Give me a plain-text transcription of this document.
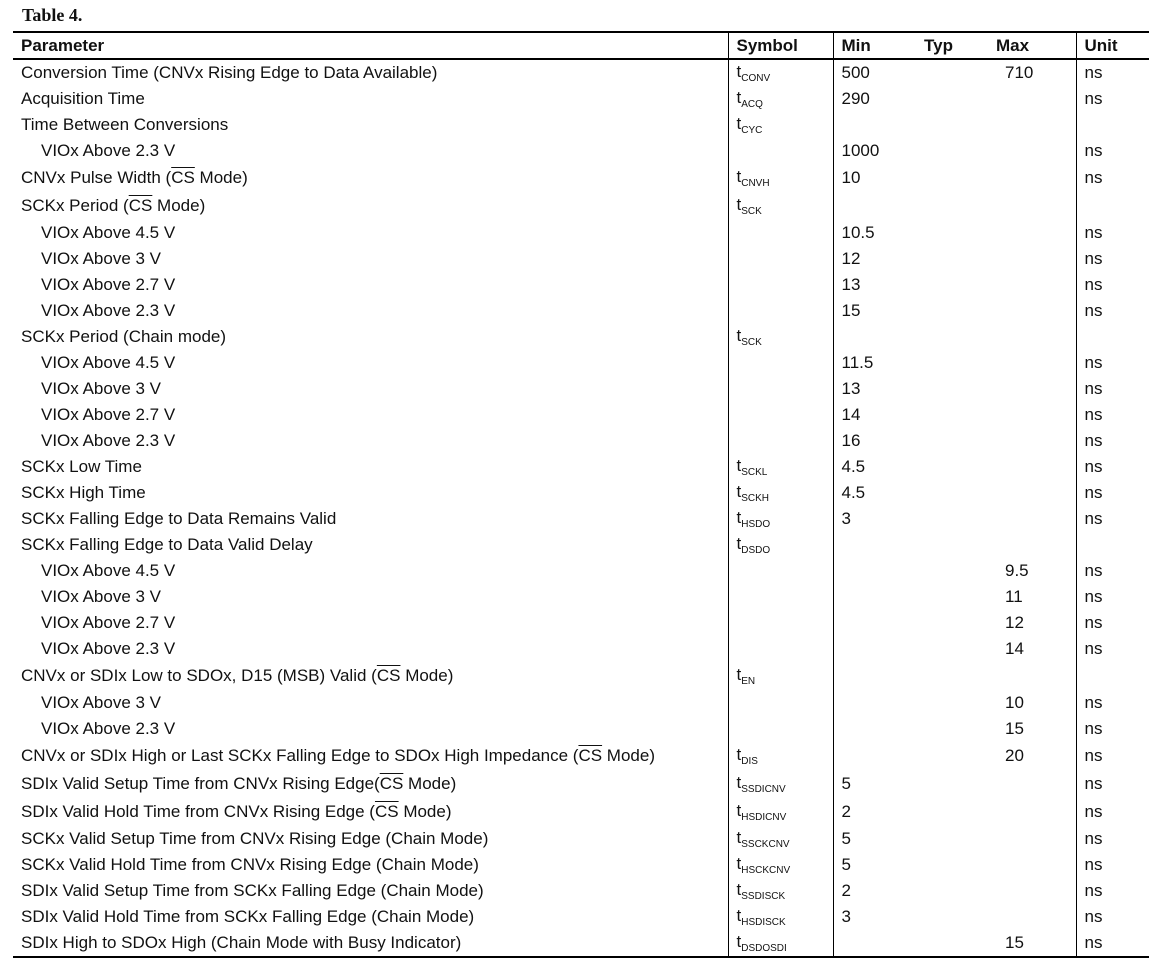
Table 4.
Parameter	Symbol	Min	Typ	Max	Unit
Conversion Time (CNVx Rising Edge to Data Available)	$t_{CONV}$	500		710	ns
Acquisition Time	$t_{ACQ}$	290			ns
Time Between Conversions	$t_{CYC}$				
VIOx Above 2.3 V		1000			ns
CNVx Pulse Width ($\overline{CS}$ Mode)	$t_{CNVH}$	10			ns
SCKx Period ($\overline{CS}$ Mode)	$t_{SCK}$				
VIOx Above 4.5 V		10.5			ns
VIOx Above 3 V		12			ns
VIOx Above 2.7 V		13			ns
VIOx Above 2.3 V		15			ns
SCKx Period (Chain mode)	$t_{SCK}$				
VIOx Above 4.5 V		11.5			ns
VIOx Above 3 V		13			ns
VIOx Above 2.7 V		14			ns
VIOx Above 2.3 V		16			ns
SCKx Low Time	$t_{SCKL}$	4.5			ns
SCKx High Time	$t_{SCKH}$	4.5			ns
SCKx Falling Edge to Data Remains Valid	$t_{HSDO}$	3			ns
SCKx Falling Edge to Data Valid Delay	$t_{DSDO}$				
VIOx Above 4.5 V				9.5	ns
VIOx Above 3 V				11	ns
VIOx Above 2.7 V				12	ns
VIOx Above 2.3 V				14	ns
CNVx or SDIx Low to SDOx, D15 (MSB) Valid ($\overline{CS}$ Mode)	$t_{EN}$				
VIOx Above 3 V				10	ns
VIOx Above 2.3 V				15	ns
CNVx or SDIx High or Last SCKx Falling Edge to SDOx High Impedance ($\overline{CS}$ Mode)	$t_{DIS}$			20	ns
SDIx Valid Setup Time from CNVx Rising $Edge(\overline{CS}$ Mode)	$t_{SSDICNV}$	5			ns
SDIx Valid Hold Time from CNVx Rising Edge ($\overline{CS}$ Mode)	$t_{HSDICNV}$	2			ns
SCKx Valid Setup Time from CNVx Rising Edge (Chain Mode)	$t_{SSCKCNV}$	5			ns
SCKx Valid Hold Time from CNVx Rising Edge (Chain Mode)	$t_{HSCKCNV}$	5			ns
SDIx Valid Setup Time from SCKx Falling Edge (Chain Mode)	$t_{SSDISCK}$	2			ns
SDIx Valid Hold Time from SCKx Falling Edge (Chain Mode)	$t_{HSDISCK}$	3			ns
SDIx High to SDOx High (Chain Mode with Busy Indicator)	$t_{DSDOSDI}$			15	ns
